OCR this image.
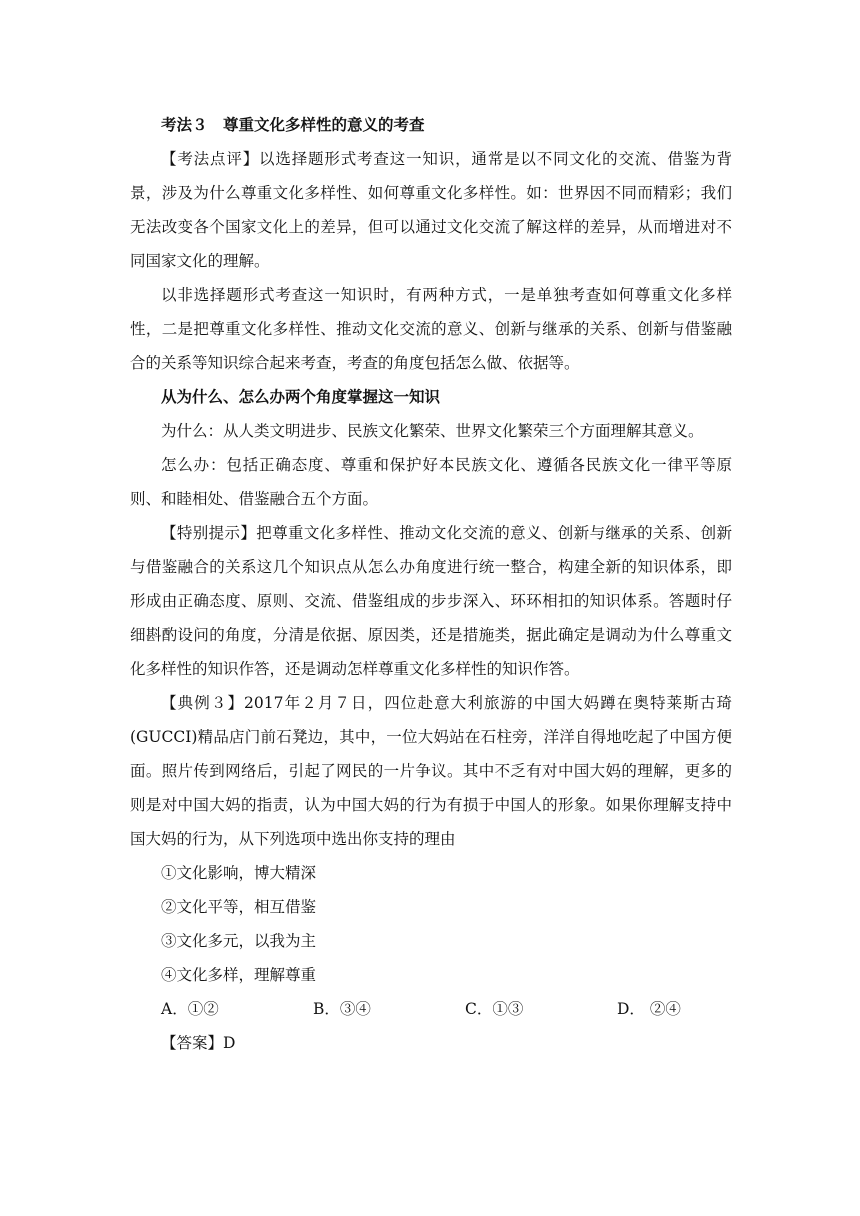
考法３　尊重文化多样性的意义的考查

【考法点评】以选择题形式考查这一知识，通常是以不同文化的交流、借鉴为背景，涉及为什么尊重文化多样性、如何尊重文化多样性。如：世界因不同而精彩；我们无法改变各个国家文化上的差异，但可以通过文化交流了解这样的差异，从而增进对不同国家文化的理解。

以非选择题形式考查这一知识时，有两种方式，一是单独考查如何尊重文化多样性，二是把尊重文化多样性、推动文化交流的意义、创新与继承的关系、创新与借鉴融合的关系等知识综合起来考查，考查的角度包括怎么做、依据等。

从为什么、怎么办两个角度掌握这一知识

为什么：从人类文明进步、民族文化繁荣、世界文化繁荣三个方面理解其意义。

怎么办：包括正确态度、尊重和保护好本民族文化、遵循各民族文化一律平等原则、和睦相处、借鉴融合五个方面。

【特别提示】把尊重文化多样性、推动文化交流的意义、创新与继承的关系、创新与借鉴融合的关系这几个知识点从怎么办角度进行统一整合，构建全新的知识体系，即形成由正确态度、原则、交流、借鉴组成的步步深入、环环相扣的知识体系。答题时仔细斟酌设问的角度，分清是依据、原因类，还是措施类，据此确定是调动为什么尊重文化多样性的知识作答，还是调动怎样尊重文化多样性的知识作答。

【典例３】2017年２月７日，四位赴意大利旅游的中国大妈蹲在奥特莱斯古琦(GUCCI)精品店门前石凳边，其中，一位大妈站在石柱旁，洋洋自得地吃起了中国方便面。照片传到网络后，引起了网民的一片争议。其中不乏有对中国大妈的理解，更多的则是对中国大妈的指责，认为中国大妈的行为有损于中国人的形象。如果你理解支持中国大妈的行为，从下列选项中选出你支持的理由

①文化影响，博大精深

②文化平等，相互借鉴

③文化多元，以我为主

④文化多样，理解尊重

A．①②	B．③④	C．①③	D． ②④

【答案】D
